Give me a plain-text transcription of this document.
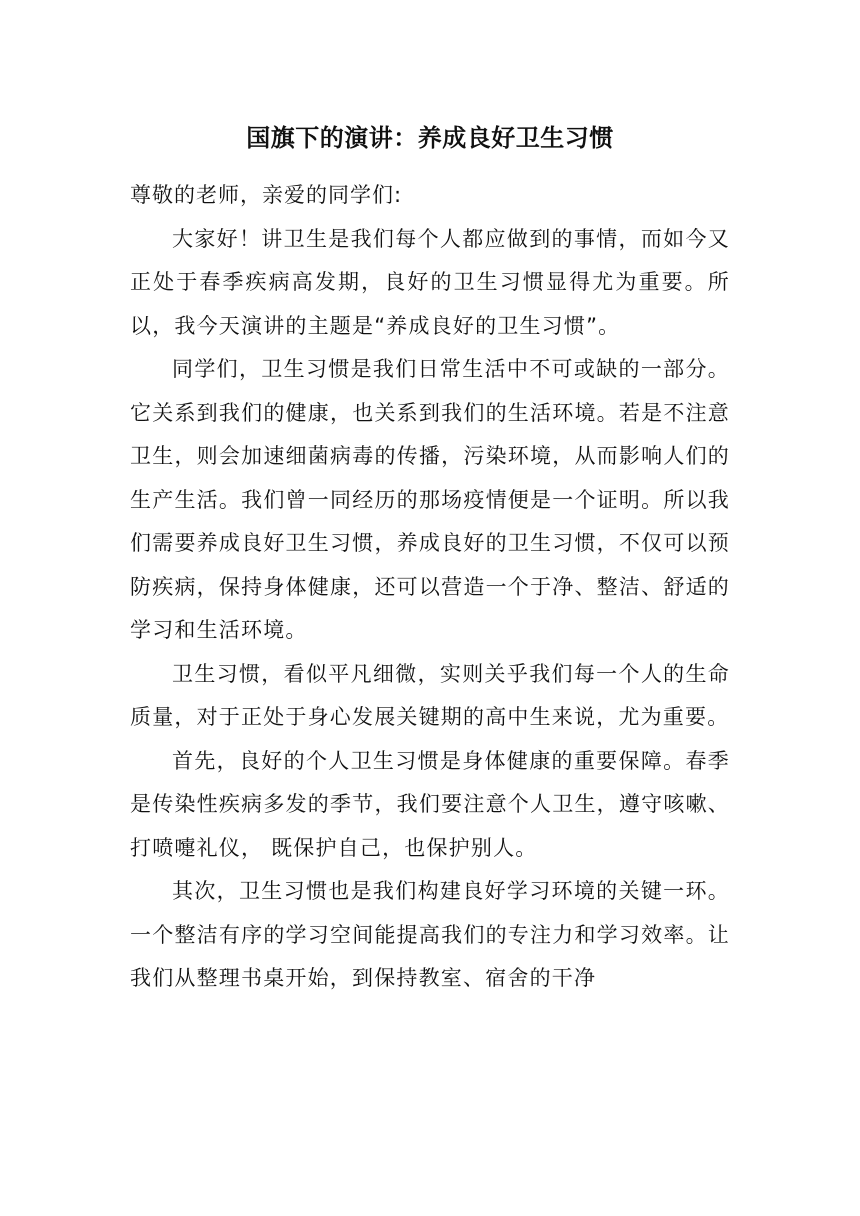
国旗下的演讲：养成良好卫生习惯

尊敬的老师，亲爱的同学们:

大家好！讲卫生是我们每个人都应做到的事情，而如今又正处于春季疾病高发期，良好的卫生习惯显得尤为重要。所以，我今天演讲的主题是“养成良好的卫生习惯”。

同学们，卫生习惯是我们日常生活中不可或缺的一部分。它关系到我们的健康，也关系到我们的生活环境。若是不注意卫生，则会加速细菌病毒的传播，污染环境，从而影响人们的生产生活。我们曾一同经历的那场疫情便是一个证明。所以我们需要养成良好卫生习惯，养成良好的卫生习惯，不仅可以预防疾病，保持身体健康，还可以营造一个于净、整洁、舒适的学习和生活环境。

卫生习惯，看似平凡细微，实则关乎我们每一个人的生命质量，对于正处于身心发展关键期的高中生来说，尤为重要。

首先，良好的个人卫生习惯是身体健康的重要保障。春季是传染性疾病多发的季节，我们要注意个人卫生，遵守咳嗽、打喷嚏礼仪， 既保护自己，也保护别人。

其次，卫生习惯也是我们构建良好学习环境的关键一环。一个整洁有序的学习空间能提高我们的专注力和学习效率。让我们从整理书桌开始，到保持教室、宿舍的干净
